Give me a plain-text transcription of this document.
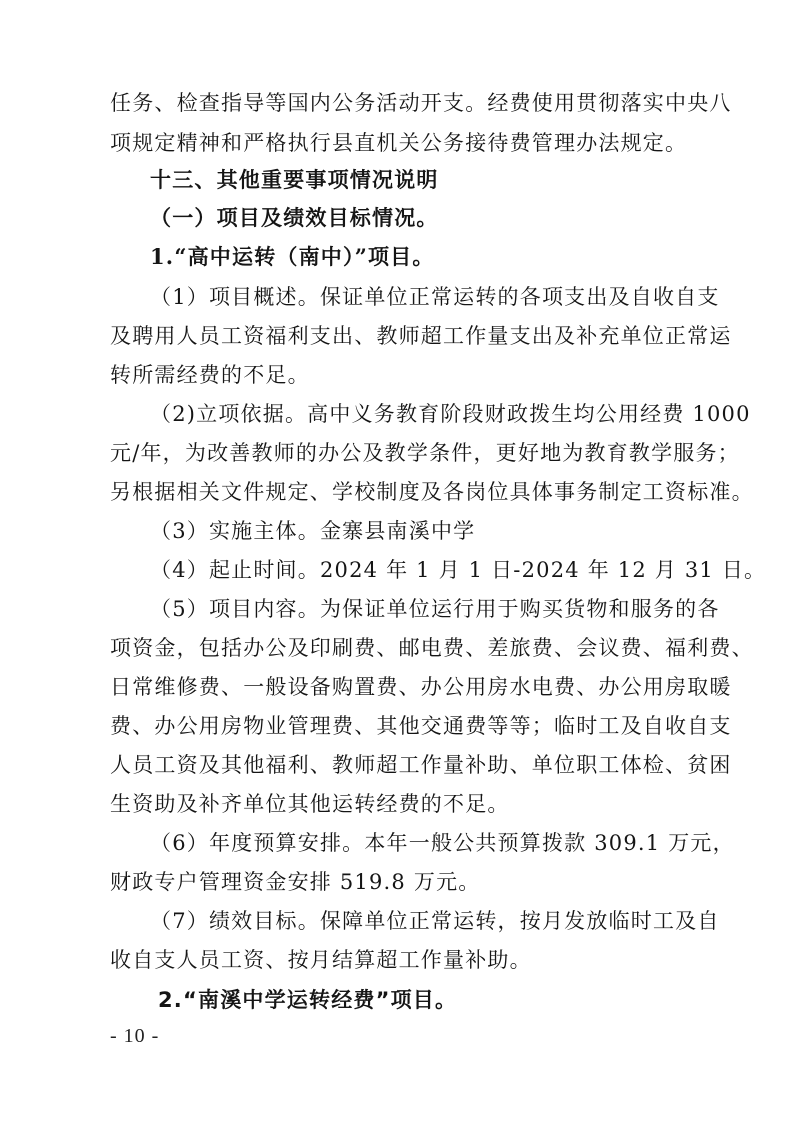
任务、检查指导等国内公务活动开支。经费使用贯彻落实中央八
项规定精神和严格执行县直机关公务接待费管理办法规定。
十三、其他重要事项情况说明
（一）项目及绩效目标情况。
1.“高中运转（南中）”项目。
（1）项目概述。保证单位正常运转的各项支出及自收自支
及聘用人员工资福利支出、教师超工作量支出及补充单位正常运
转所需经费的不足。
（2)立项依据。高中义务教育阶段财政拨生均公用经费 1000
元/年，为改善教师的办公及教学条件，更好地为教育教学服务；
另根据相关文件规定、学校制度及各岗位具体事务制定工资标准。
（3）实施主体。金寨县南溪中学
（4）起止时间。2024 年 1 月 1 日-2024 年 12 月 31 日。
（5）项目内容。为保证单位运行用于购买货物和服务的各
项资金，包括办公及印刷费、邮电费、差旅费、会议费、福利费、
日常维修费、一般设备购置费、办公用房水电费、办公用房取暖
费、办公用房物业管理费、其他交通费等等；临时工及自收自支
人员工资及其他福利、教师超工作量补助、单位职工体检、贫困
生资助及补齐单位其他运转经费的不足。
（6）年度预算安排。本年一般公共预算拨款 309.1 万元，
财政专户管理资金安排 519.8 万元。
（7）绩效目标。保障单位正常运转，按月发放临时工及自
收自支人员工资、按月结算超工作量补助。
2.“南溪中学运转经费”项目。
- 10 -
